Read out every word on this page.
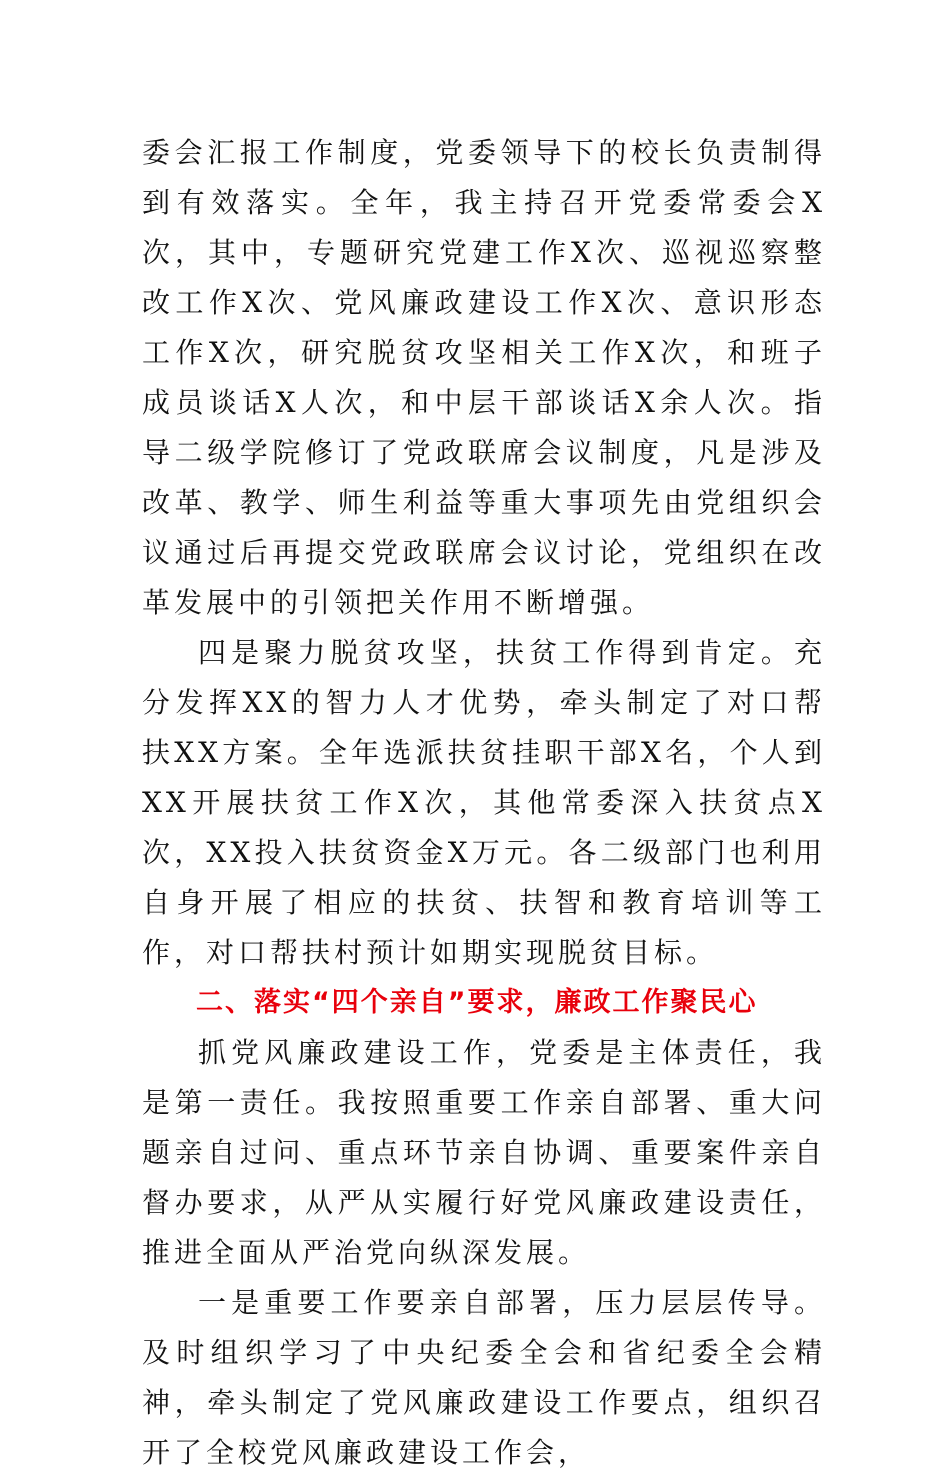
委会汇报工作制度，党委领导下的校长负责制得到有效落实。全年，我主持召开党委常委会X次，其中，专题研究党建工作X次、巡视巡察整改工作X次、党风廉政建设工作X次、意识形态工作X次，研究脱贫攻坚相关工作X次，和班子成员谈话X人次，和中层干部谈话X余人次。指导二级学院修订了党政联席会议制度，凡是涉及改革、教学、师生利益等重大事项先由党组织会议通过后再提交党政联席会议讨论，党组织在改革发展中的引领把关作用不断增强。

四是聚力脱贫攻坚，扶贫工作得到肯定。充分发挥XX的智力人才优势，牵头制定了对口帮扶XX方案。全年选派扶贫挂职干部X名，个人到XX开展扶贫工作X次，其他常委深入扶贫点X次，XX投入扶贫资金X万元。各二级部门也利用自身开展了相应的扶贫、扶智和教育培训等工作，对口帮扶村预计如期实现脱贫目标。

二、落实“四个亲自”要求，廉政工作聚民心

抓党风廉政建设工作，党委是主体责任，我是第一责任。我按照重要工作亲自部署、重大问题亲自过问、重点环节亲自协调、重要案件亲自督办要求，从严从实履行好党风廉政建设责任，推进全面从严治党向纵深发展。

一是重要工作要亲自部署，压力层层传导。及时组织学习了中央纪委全会和省纪委全会精神，牵头制定了党风廉政建设工作要点，组织召开了全校党风廉政建设工作会，
